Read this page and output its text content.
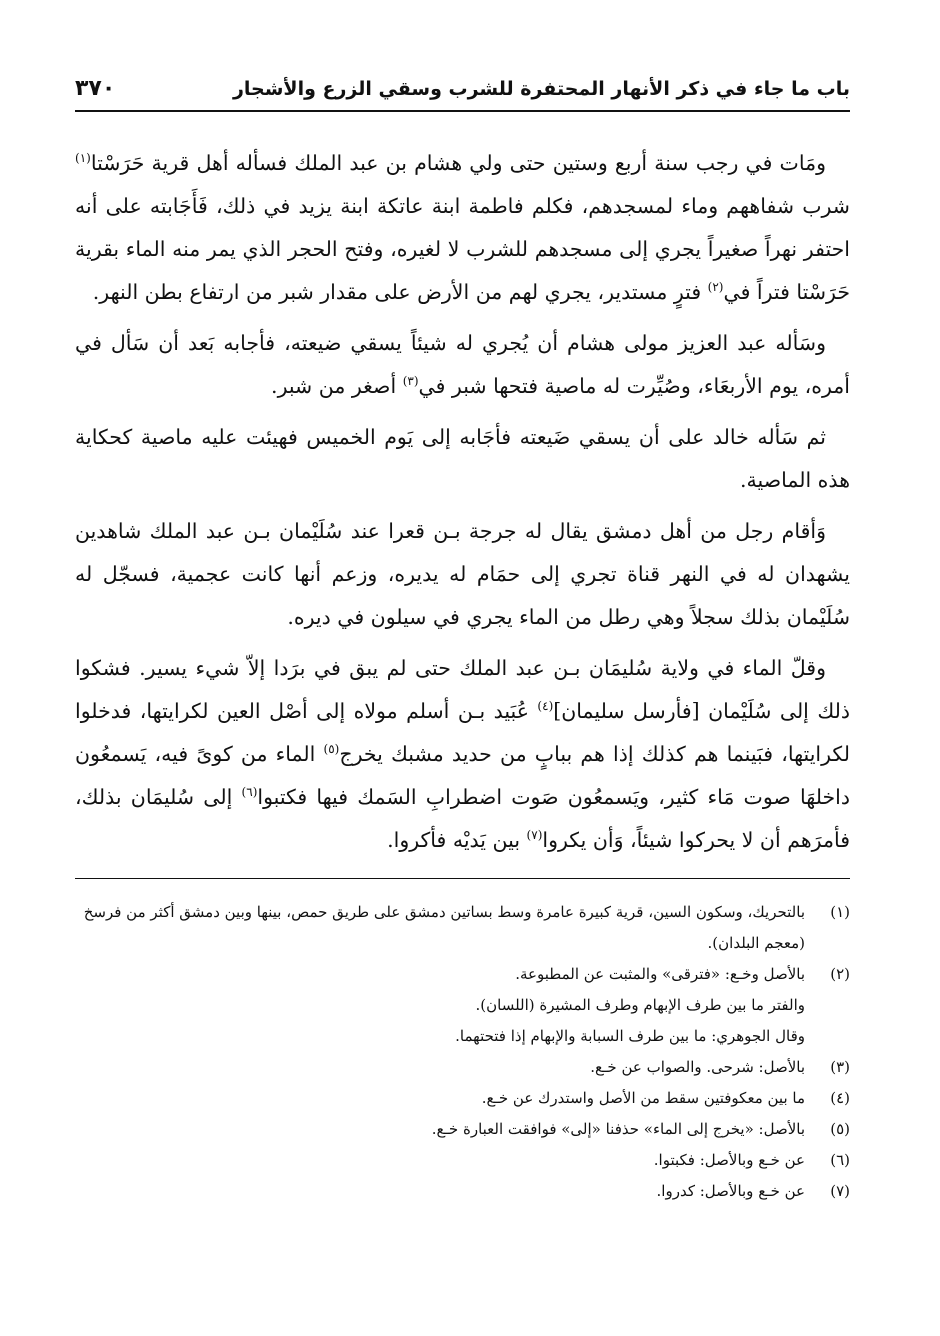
باب ما جاء في ذكر الأنهار المحتفرة للشرب وسقي الزرع والأشجار
٣٧٠

ومَات في رجب سنة أربع وستين حتى ولي هشام بن عبد الملك فسأله أهل قرية حَرَسْتا$^{(١)}$ شرب شفاههم وماء لمسجدهم، فكلم فاطمة ابنة عاتكة ابنة يزيد في ذلك، فَأَجَابته على أنه احتفر نهراً صغيراً يجري إلى مسجدهم للشرب لا لغيره، وفتح الحجر الذي يمر منه الماء بقرية حَرَسْتا فتراً في$^{(٢)}$ فترٍ مستدير، يجري لهم من الأرض على مقدار شبر من ارتفاع بطن النهر.

وسَأله عبد العزيز مولى هشام أن يُجري له شيئاً يسقي ضيعته، فأجابه بَعد أن سَأل في أمره، يوم الأربعَاء، وصُيِّرت له ماصية فتحها شبر في$^{(٣)}$ أصغر من شبر.

ثم سَأله خالد على أن يسقي ضَيعته فأجَابه إلى يَوم الخميس فهيئت عليه ماصية كحكاية هذه الماصية.

وَأقام رجل من أهل دمشق يقال له جرجة بـن قعرا عند سُلَيْمان بـن عبد الملك شاهدين يشهدان له في النهر قناة تجري إلى حمَام له يديره، وزعم أنها كانت عجمية، فسجّل له سُلَيْمان بذلك سجلاً وهي رطل من الماء يجري في سيلون في ديره.

وقلّ الماء في ولاية سُليمَان بـن عبد الملك حتى لم يبق في برَدا إلاّ شيء يسير. فشكوا ذلك إلى سُلَيْمان [فأرسل سليمان]$^{(٤)}$ عُبَيد بـن أسلم مولاه إلى أصْل العين لكرايتها، فدخلوا لكرايتها، فبَينما هم كذلك إذا هم ببابٍ من حديد مشبك يخرج$^{(٥)}$ الماء من كوىً فيه، يَسمعُون داخلهَا صوت مَاء كثير، ويَسمعُون صَوت اضطرابِ السَمك فيها فكتبوا$^{(٦)}$ إلى سُليمَان بذلك، فأمرَهم أن لا يحركوا شيئاً، وَأن يكروا$^{(٧)}$ بين يَديْه فأكروا.

(١)
بالتحريك، وسكون السين، قرية كبيرة عامرة وسط بساتين دمشق على طريق حمص، بينها وبين دمشق أكثر من فرسخ (معجم البلدان).
(٢)
بالأصل وخـع: «فترقى» والمثبت عن المطبوعة.
والفتر ما بين طرف الإبهام وطرف المشيرة (اللسان).
وقال الجوهري: ما بين طرف السبابة والإبهام إذا فتحتهما.
(٣)
بالأصل: شرحى. والصواب عن خـع.
(٤)
ما بين معكوفتين سقط من الأصل واستدرك عن خـع.
(٥)
بالأصل: «يخرج إلى الماء» حذفنا «إلى» فوافقت العبارة خـع.
(٦)
عن خـع وبالأصل: فكبتوا.
(٧)
عن خـع وبالأصل: كدروا.
